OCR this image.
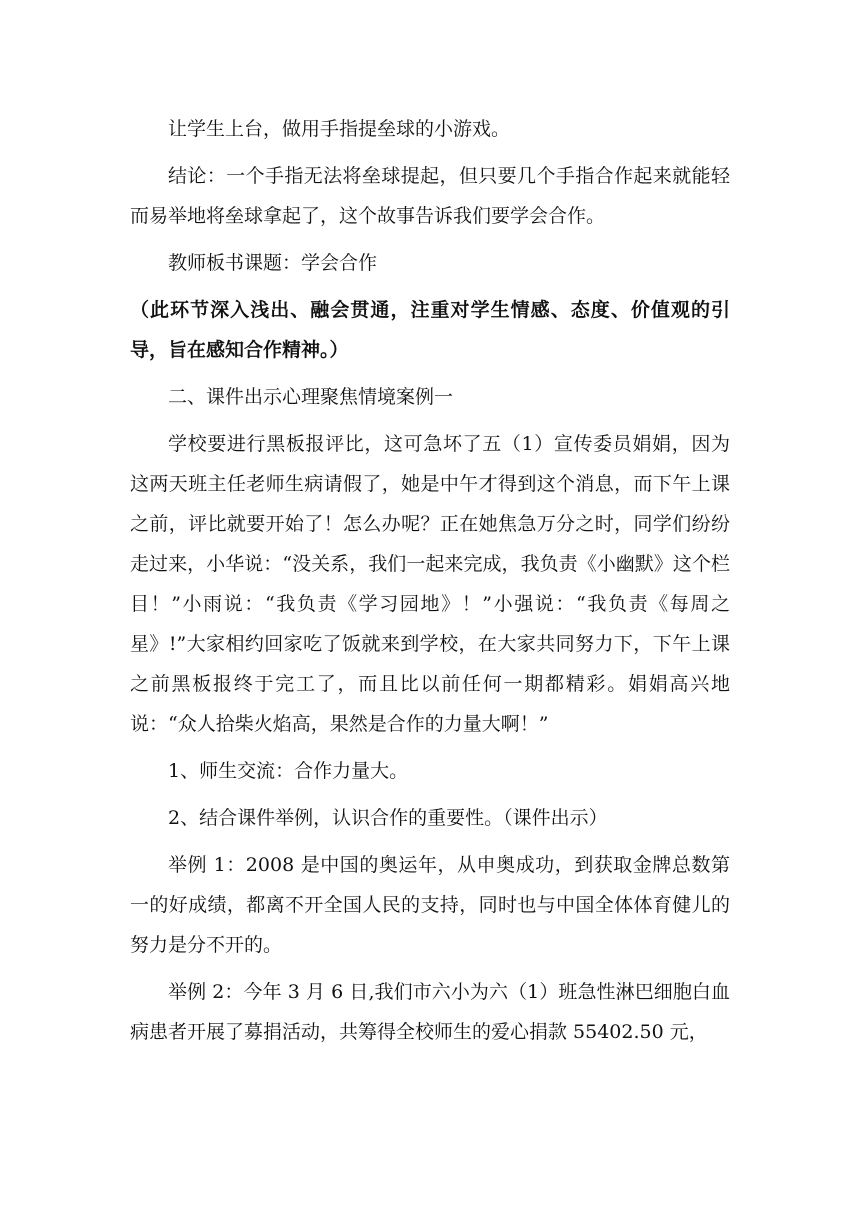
让学生上台，做用手指提垒球的小游戏。

结论：一个手指无法将垒球提起，但只要几个手指合作起来就能轻而易举地将垒球拿起了，这个故事告诉我们要学会合作。

教师板书课题：学会合作

（此环节深入浅出、融会贯通，注重对学生情感、态度、价值观的引导，旨在感知合作精神。）

二、课件出示心理聚焦情境案例一

学校要进行黑板报评比，这可急坏了五（1）宣传委员娟娟，因为这两天班主任老师生病请假了，她是中午才得到这个消息，而下午上课之前，评比就要开始了！怎么办呢？正在她焦急万分之时，同学们纷纷走过来，小华说：“没关系，我们一起来完成，我负责《小幽默》这个栏目！”小雨说：“我负责《学习园地》！”小强说：“我负责《每周之星》!”大家相约回家吃了饭就来到学校，在大家共同努力下，下午上课之前黑板报终于完工了，而且比以前任何一期都精彩。娟娟高兴地说：“众人拾柴火焰高，果然是合作的力量大啊！”

1、师生交流：合作力量大。

2、结合课件举例，认识合作的重要性。（课件出示）

举例 1：2008 是中国的奥运年，从申奥成功，到获取金牌总数第一的好成绩，都离不开全国人民的支持，同时也与中国全体体育健儿的努力是分不开的。

举例 2：今年 3 月 6 日,我们市六小为六（1）班急性淋巴细胞白血病患者开展了募捐活动，共筹得全校师生的爱心捐款 55402.50 元，
